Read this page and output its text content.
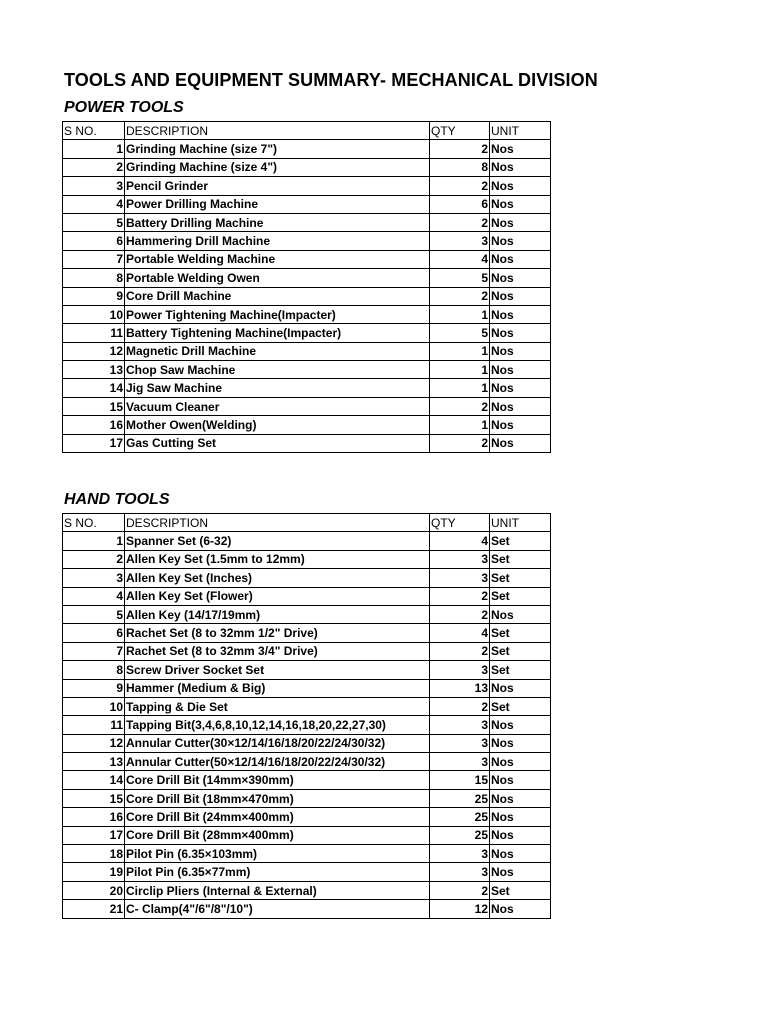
TOOLS AND EQUIPMENT SUMMARY- MECHANICAL DIVISION
POWER TOOLS
S NO.	DESCRIPTION	QTY	UNIT
1	Grinding Machine (size 7")	2	Nos
2	Grinding Machine (size 4")	8	Nos
3	Pencil Grinder	2	Nos
4	Power Drilling Machine	6	Nos
5	Battery Drilling Machine	2	Nos
6	Hammering Drill Machine	3	Nos
7	Portable Welding Machine	4	Nos
8	Portable Welding Owen	5	Nos
9	Core Drill Machine	2	Nos
10	Power Tightening Machine(Impacter)	1	Nos
11	Battery Tightening Machine(Impacter)	5	Nos
12	Magnetic Drill Machine	1	Nos
13	Chop Saw Machine	1	Nos
14	Jig Saw Machine	1	Nos
15	Vacuum Cleaner	2	Nos
16	Mother Owen(Welding)	1	Nos
17	Gas Cutting Set	2	Nos
HAND TOOLS
S NO.	DESCRIPTION	QTY	UNIT
1	Spanner Set (6-32)	4	Set
2	Allen Key Set (1.5mm to 12mm)	3	Set
3	Allen Key Set (Inches)	3	Set
4	Allen Key Set (Flower)	2	Set
5	Allen Key (14/17/19mm)	2	Nos
6	Rachet Set (8 to 32mm 1/2" Drive)	4	Set
7	Rachet Set (8 to 32mm 3/4" Drive)	2	Set
8	Screw Driver Socket Set	3	Set
9	Hammer (Medium & Big)	13	Nos
10	Tapping & Die Set	2	Set
11	Tapping Bit(3,4,6,8,10,12,14,16,18,20,22,27,30)	3	Nos
12	Annular Cutter(30×12/14/16/18/20/22/24/30/32)	3	Nos
13	Annular Cutter(50×12/14/16/18/20/22/24/30/32)	3	Nos
14	Core Drill Bit (14mm×390mm)	15	Nos
15	Core Drill Bit (18mm×470mm)	25	Nos
16	Core Drill Bit (24mm×400mm)	25	Nos
17	Core Drill Bit (28mm×400mm)	25	Nos
18	Pilot Pin (6.35×103mm)	3	Nos
19	Pilot Pin (6.35×77mm)	3	Nos
20	Circlip Pliers (Internal & External)	2	Set
21	C- Clamp(4"/6"/8"/10")	12	Nos
